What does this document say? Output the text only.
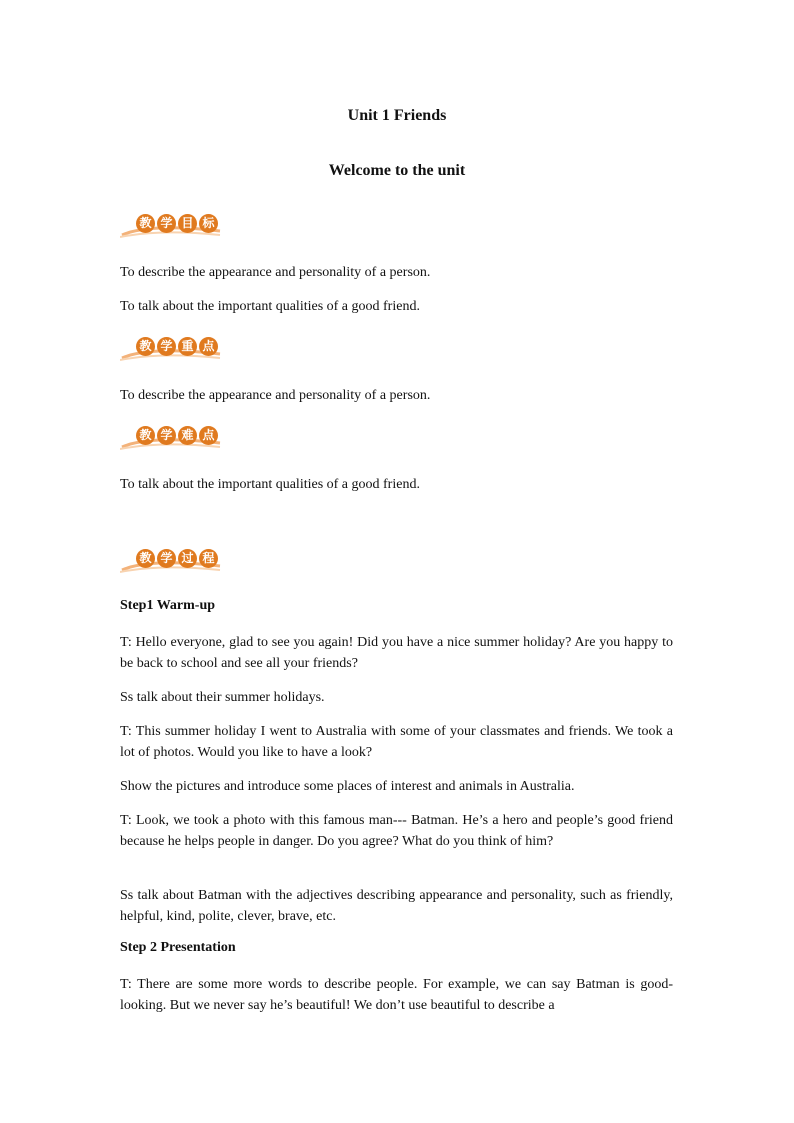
Unit 1 Friends
Welcome to the unit
教 学 目 标
To describe the appearance and personality of a person.
To talk about the important qualities of a good friend.
教 学 重 点
To describe the appearance and personality of a person.
教 学 难 点
To talk about the important qualities of a good friend.
教 学 过 程
Step1 Warm-up
T: Hello everyone, glad to see you again! Did you have a nice summer holiday? Are you happy to be back to school and see all your friends?
Ss talk about their summer holidays.
T: This summer holiday I went to Australia with some of your classmates and friends. We took a lot of photos. Would you like to have a look?
Show the pictures and introduce some places of interest and animals in Australia.
T: Look, we took a photo with this famous man--- Batman. He’s a hero and people’s good friend because he helps people in danger. Do you agree? What do you think of him?
Ss talk about Batman with the adjectives describing appearance and personality, such as friendly, helpful, kind, polite, clever, brave, etc.
Step 2 Presentation
T: There are some more words to describe people. For example, we can say Batman is good-looking. But we never say he’s beautiful! We don’t use beautiful to describe a
